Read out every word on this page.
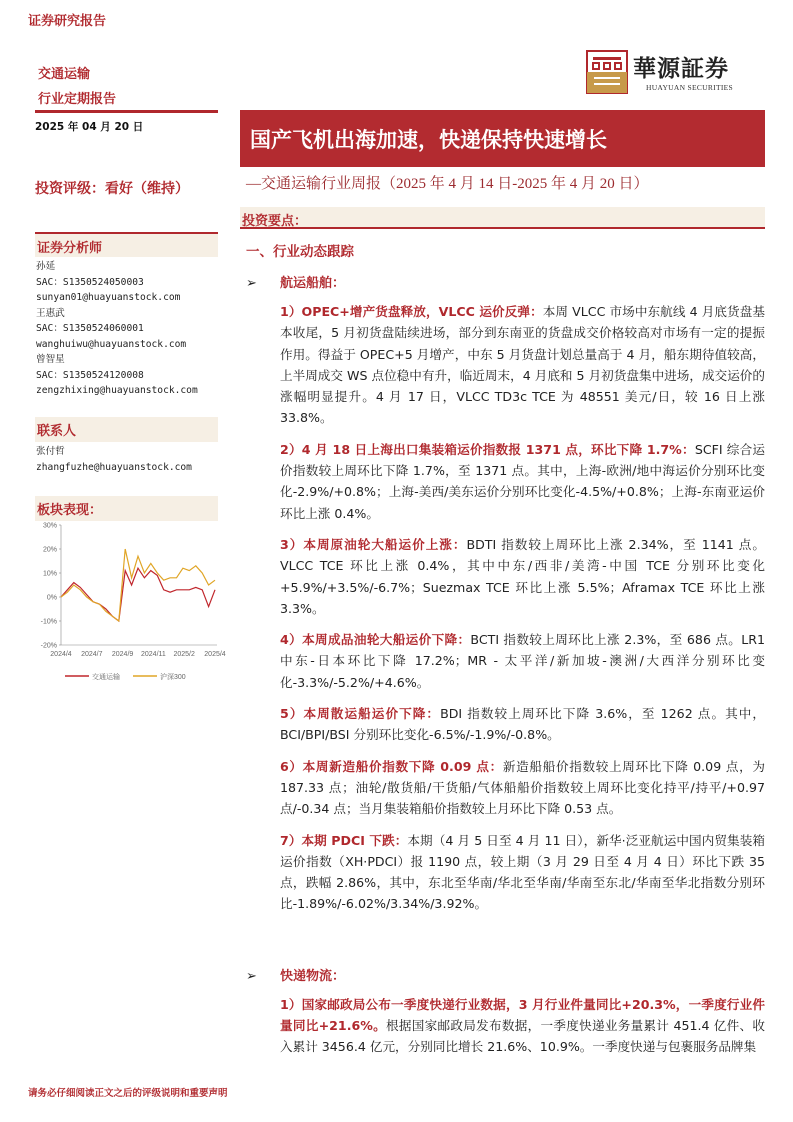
证券研究报告
交通运输
行业定期报告
2025 年 04 月 20 日
投资评级：看好（维持）
证券分析师
孙延
SAC：S1350524050003
sunyan01@huayuanstock.com
王惠武
SAC：S1350524060001
wanghuiwu@huayuanstock.com
曾智星
SAC：S1350524120008
zengzhixing@huayuanstock.com
联系人
张付哲
zhangfuzhe@huayuanstock.com
板块表现：
30%
20%
10%
0%
-10%
-20%
2024/4 2024/7 2024/9 2024/11 2025/2 2025/4
交通运输	沪深300
華源証券
HUAYUAN SECURITIES
国产飞机出海加速，快递保持快速增长
—交通运输行业周报（2025 年 4 月 14 日-2025 年 4 月 20 日）
投资要点：
一、行业动态跟踪
➢ 航运船舶：
1）OPEC+增产货盘释放，VLCC 运价反弹：本周 VLCC 市场中东航线 4 月底货盘基本收尾，5 月初货盘陆续进场，部分到东南亚的货盘成交价格较高对市场有一定的提振作用。得益于 OPEC+5 月增产，中东 5 月货盘计划总量高于 4 月，船东期待值较高，上半周成交 WS 点位稳中有升，临近周末，4 月底和 5 月初货盘集中进场，成交运价的涨幅明显提升。4 月 17 日，VLCC TD3c TCE 为 48551 美元/日，较 16 日上涨 33.8%。
2）4 月 18 日上海出口集装箱运价指数报 1371 点，环比下降 1.7%：SCFI 综合运价指数较上周环比下降 1.7%，至 1371 点。其中，上海-欧洲/地中海运价分别环比变化-2.9%/+0.8%；上海-美西/美东运价分别环比变化-4.5%/+0.8%；上海-东南亚运价环比上涨 0.4%。
3）本周原油轮大船运价上涨：BDTI 指数较上周环比上涨 2.34%，至 1141 点。VLCC TCE 环比上涨 0.4%，其中中东/西非/美湾-中国 TCE 分别环比变化+5.9%/+3.5%/-6.7%；Suezmax TCE 环比上涨 5.5%；Aframax TCE 环比上涨 3.3%。
4）本周成品油轮大船运价下降：BCTI 指数较上周环比上涨 2.3%，至 686 点。LR1 中东-日本环比下降 17.2%；MR - 太平洋/新加坡-澳洲/大西洋分别环比变化-3.3%/-5.2%/+4.6%。
5）本周散运船运价下降：BDI 指数较上周环比下降 3.6%，至 1262 点。其中，BCI/BPI/BSI 分别环比变化-6.5%/-1.9%/-0.8%。
6）本周新造船价指数下降 0.09 点：新造船船价指数较上周环比下降 0.09 点，为 187.33 点；油轮/散货船/干货船/气体船船价指数较上周环比变化持平/持平/+0.97 点/-0.34 点；当月集装箱船价指数较上月环比下降 0.53 点。
7）本期 PDCI 下跌：本期（4 月 5 日至 4 月 11 日），新华·泛亚航运中国内贸集装箱运价指数（XH·PDCI）报 1190 点，较上期（3 月 29 日至 4 月 4 日）环比下跌 35 点，跌幅 2.86%，其中，东北至华南/华北至华南/华南至东北/华南至华北指数分别环比-1.89%/-6.02%/3.34%/3.92%。
➢ 快递物流：
1）国家邮政局公布一季度快递行业数据，3 月行业件量同比+20.3%，一季度行业件量同比+21.6%。根据国家邮政局发布数据，一季度快递业务量累计 451.4 亿件、收入累计 3456.4 亿元，分别同比增长 21.6%、10.9%。一季度快递与包裹服务品牌集
请务必仔细阅读正文之后的评级说明和重要声明
